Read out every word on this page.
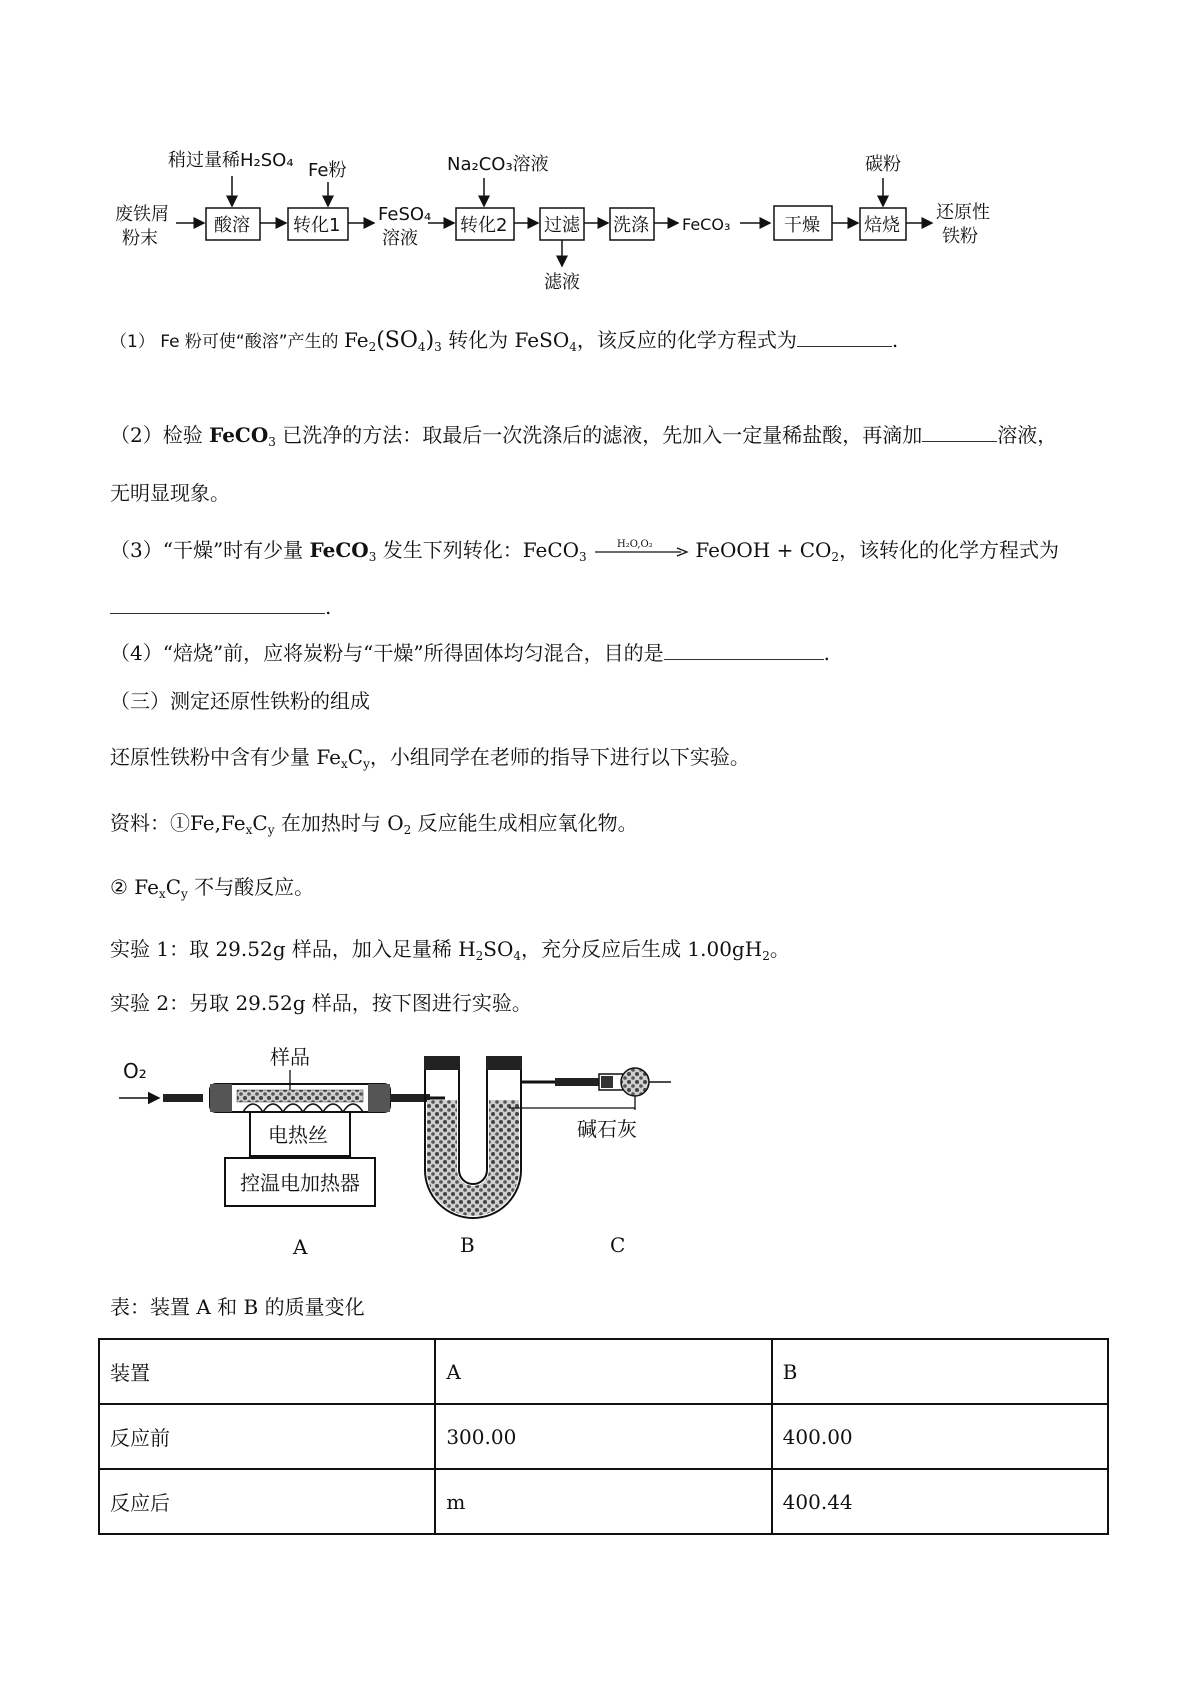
稍过量稀H₂SO₄ Fe粉	Na₂CO₃溶液	碳粉
废铁屑
粉末
酸溶 转化1
FeSO₄
溶液
转化2 过滤
滤液
洗涤 FeCO₃	干燥 焙烧
还原性
铁粉
（1） Fe 粉可使“酸溶”产生的 $Fe_2(SO_4)_3$ 转化为 FeSO$_4$，该反应的化学方程式为	.
（2）检验 FeCO$_3$ 已洗净的方法：取最后一次洗涤后的滤液，先加入一定量稀盐酸，再滴加	溶液，
无明显现象。
（3）“干燥”时有少量 FeCO$_3$ 发生下列转化：FeCO$_3$
H₂O,O₂ FeOOH + $CO_2$，该转化的化学方程式为
.
（4）“焙烧”前，应将炭粉与“干燥”所得固体均匀混合，目的是	.
（三）测定还原性铁粉的组成
还原性铁粉中含有少量 $Fe_xC_y$，小组同学在老师的指导下进行以下实验。
资料：$①Fe,Fe_xC_y$ 在加热时与 $O_2$ 反应能生成相应氧化物。
② $Fe_xC_y$ 不与酸反应。
实验 1：取 29.52g 样品，加入足量稀 $H_2SO_4$，充分反应后生成 $1.00gH_2$。
实验 2：另取 29.52g 样品，按下图进行实验。
O₂
样品
电热丝
控温电加热器
碱石灰
A	B	C
表：装置 A 和 B 的质量变化
装置	A	B
反应前	300.00	400.00
反应后	m	400.44
